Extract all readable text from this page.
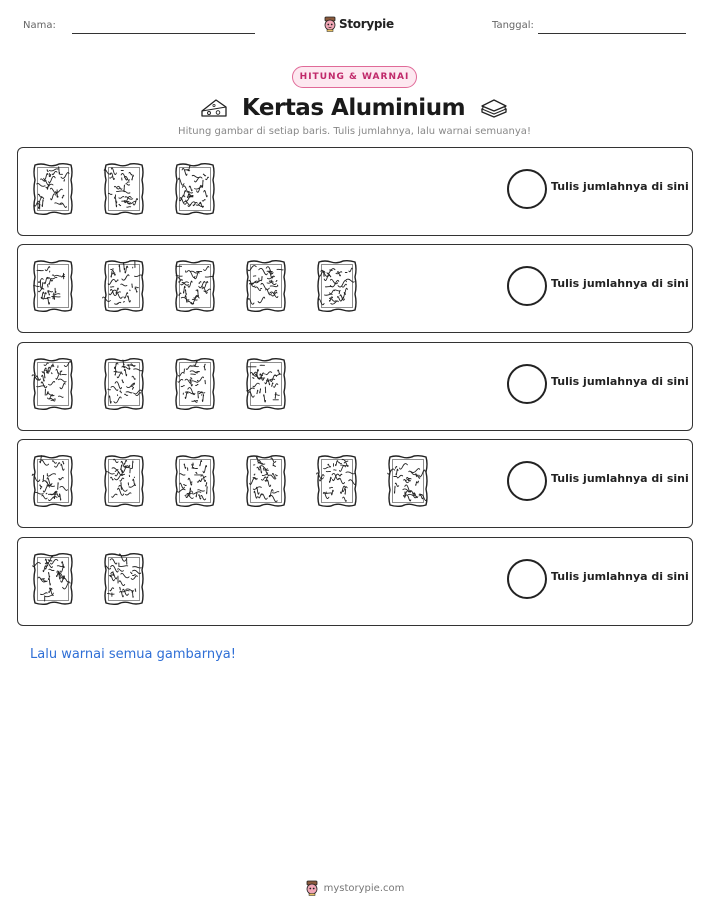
Nama:	Storypie	Tanggal:
HITUNG & WARNAI
Kertas Aluminium
Hitung gambar di setiap baris. Tulis jumlahnya, lalu warnai semuanya!
Tulis jumlahnya di sini
Tulis jumlahnya di sini
Tulis jumlahnya di sini
Tulis jumlahnya di sini
Tulis jumlahnya di sini
Lalu warnai semua gambarnya!
mystorypie.com
